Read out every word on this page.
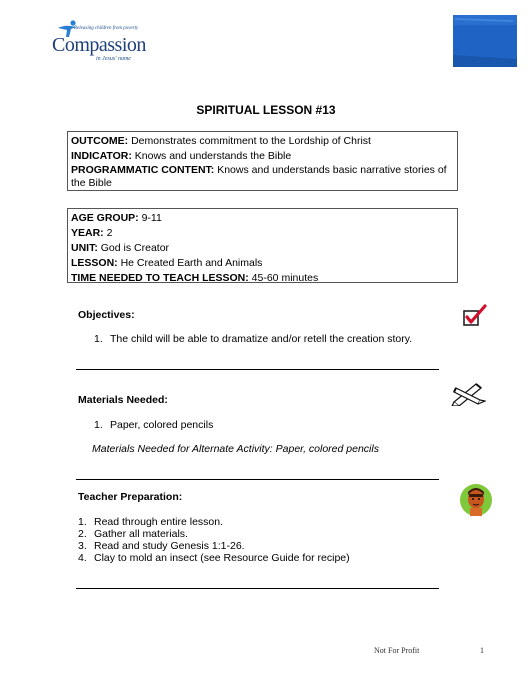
Releasing children from poverty
Compassion
in Jesus' name
SPIRITUAL LESSON #13
OUTCOME: Demonstrates commitment to the Lordship of Christ
INDICATOR: Knows and understands the Bible
PROGRAMMATIC CONTENT: Knows and understands basic narrative stories of
the Bible
AGE GROUP: 9-11
YEAR: 2
UNIT: God is Creator
LESSON: He Created Earth and Animals
TIME NEEDED TO TEACH LESSON: 45-60 minutes
Objectives:
1. The child will be able to dramatize and/or retell the creation story.
Materials Needed:
1. Paper, colored pencils
Materials Needed for Alternate Activity: Paper, colored pencils
Teacher Preparation:
1. Read through entire lesson.
2. Gather all materials.
3. Read and study Genesis 1:1-26.
4. Clay to mold an insect (see Resource Guide for recipe)
Not For Profit	1
